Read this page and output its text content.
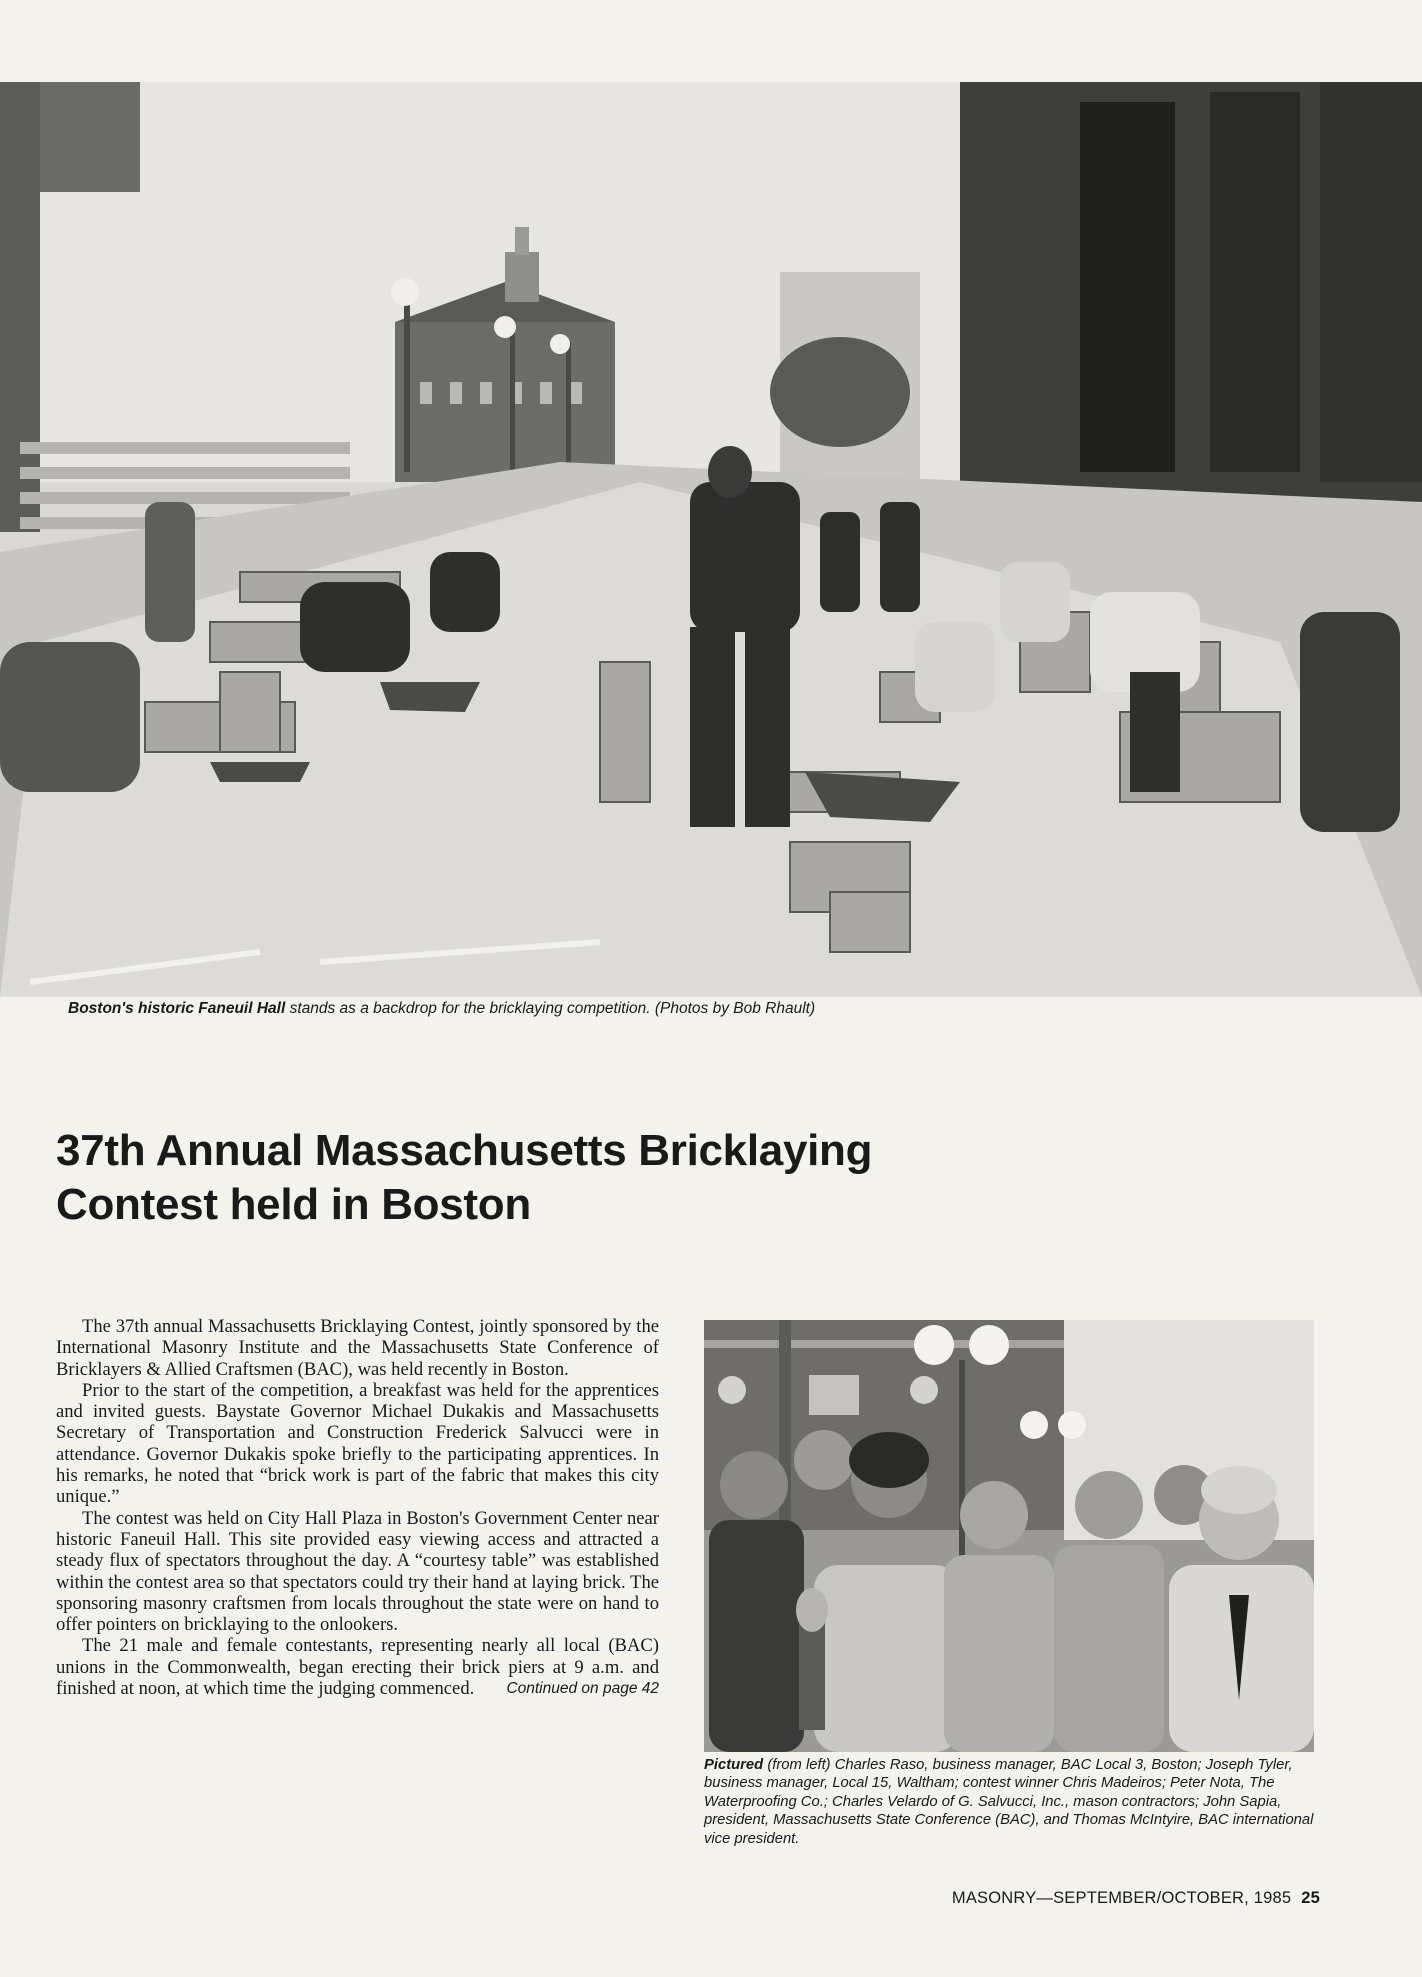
Boston's historic Faneuil Hall stands as a backdrop for the bricklaying competition. (Photos by Bob Rhault)
37th Annual Massachusetts Bricklaying
Contest held in Boston

The 37th annual Massachusetts Bricklaying Contest, jointly sponsored by the International Masonry Institute and the Massachusetts State Conference of Bricklayers & Allied Craftsmen (BAC), was held recently in Boston.

Prior to the start of the competition, a breakfast was held for the apprentices and invited guests. Baystate Governor Michael Dukakis and Massachusetts Secretary of Transportation and Construction Frederick Salvucci were in attendance. Governor Dukakis spoke briefly to the participating apprentices. In his remarks, he noted that “brick work is part of the fabric that makes this city unique.”

The contest was held on City Hall Plaza in Boston's Government Center near historic Faneuil Hall. This site provided easy viewing access and attracted a steady flux of spectators throughout the day. A “courtesy table” was established within the contest area so that spectators could try their hand at laying brick. The sponsoring masonry craftsmen from locals throughout the state were on hand to offer pointers on bricklaying to the onlookers.

The 21 male and female contestants, representing nearly all local (BAC) unions in the Commonwealth, began erecting their brick piers at 9 a.m. and finished at noon, at which time the judging commenced. Continued on page 42

Pictured (from left) Charles Raso, business manager, BAC Local 3, Boston; Joseph Tyler, business manager, Local 15, Waltham; contest winner Chris Madeiros; Peter Nota, The Waterproofing Co.; Charles Velardo of G. Salvucci, Inc., mason contractors; John Sapia, president, Massachusetts State Conference (BAC), and Thomas McIntyire, BAC international vice president.
MASONRY—SEPTEMBER/OCTOBER, 1985 25
